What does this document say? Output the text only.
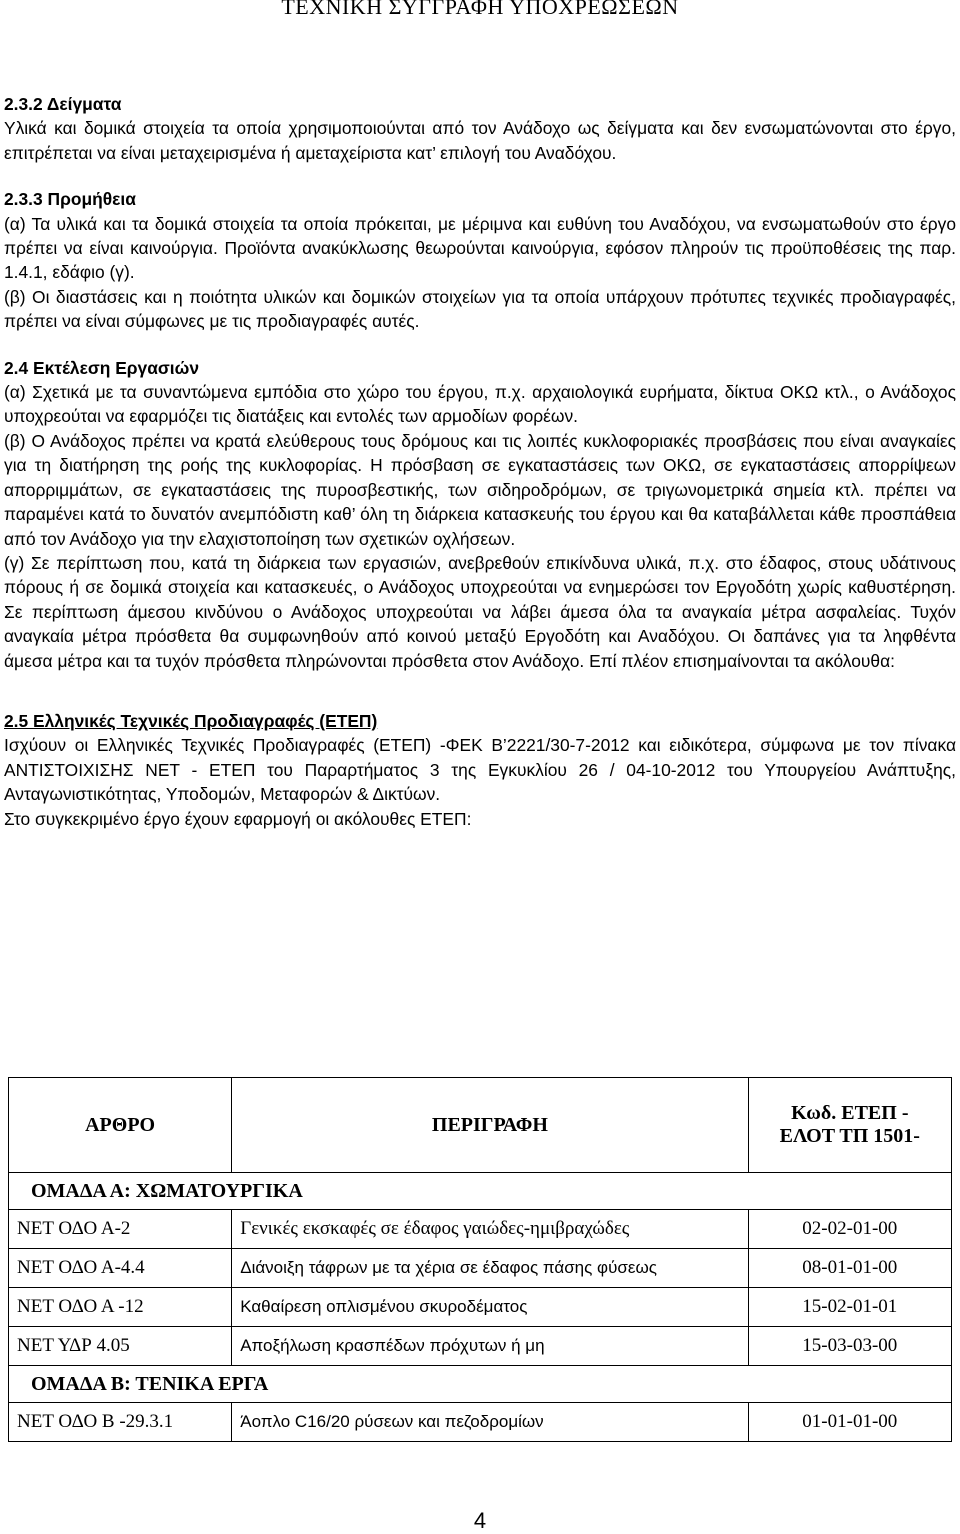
ΤΕΧΝΙΚΗ ΣΥΓΓΡΑΦΗ ΥΠΟΧΡΕΩΣΕΩΝ

2.3.2 Δείγματα

Υλικά και δομικά στοιχεία τα οποία χρησιμοποιούνται από τον Ανάδοχο ως δείγματα και δεν ενσωματώνονται στο έργο, επιτρέπεται να είναι μεταχειρισμένα ή αμεταχείριστα κατ’ επιλογή του Αναδόχου.

2.3.3 Προμήθεια

(α) Τα υλικά και τα δομικά στοιχεία τα οποία πρόκειται, με μέριμνα και ευθύνη του Αναδόχου, να ενσωματωθούν στο έργο πρέπει να είναι καινούργια. Προϊόντα ανακύκλωσης θεωρούνται καινούργια, εφόσον πληρούν τις προϋποθέσεις της παρ. 1.4.1, εδάφιο (γ).

(β) Οι διαστάσεις και η ποιότητα υλικών και δομικών στοιχείων για τα οποία υπάρχουν πρότυπες τεχνικές προδιαγραφές, πρέπει να είναι σύμφωνες με τις προδιαγραφές αυτές.

2.4 Εκτέλεση Εργασιών

(α) Σχετικά με τα συναντώμενα εμπόδια στο χώρο του έργου, π.χ. αρχαιολογικά ευρήματα, δίκτυα ΟΚΩ κτλ., ο Ανάδοχος υποχρεούται να εφαρμόζει τις διατάξεις και εντολές των αρμοδίων φορέων.

(β) Ο Ανάδοχος πρέπει να κρατά ελεύθερους τους δρόμους και τις λοιπές κυκλοφοριακές προσβάσεις που είναι αναγκαίες για τη διατήρηση της ροής της κυκλοφορίας. Η πρόσβαση σε εγκαταστάσεις των ΟΚΩ, σε εγκαταστάσεις απορρίψεων απορριμμάτων, σε εγκαταστάσεις της πυροσβεστικής, των σιδηροδρόμων, σε τριγωνομετρικά σημεία κτλ. πρέπει να παραμένει κατά το δυνατόν ανεμπόδιστη καθ’ όλη τη διάρκεια κατασκευής του έργου και θα καταβάλλεται κάθε προσπάθεια από τον Ανάδοχο για την ελαχιστοποίηση των σχετικών οχλήσεων.

(γ) Σε περίπτωση που, κατά τη διάρκεια των εργασιών, ανεβρεθούν επικίνδυνα υλικά, π.χ. στο έδαφος, στους υδάτινους πόρους ή σε δομικά στοιχεία και κατασκευές, ο Ανάδοχος υποχρεούται να ενημερώσει τον Εργοδότη χωρίς καθυστέρηση. Σε περίπτωση άμεσου κινδύνου ο Ανάδοχος υποχρεούται να λάβει άμεσα όλα τα αναγκαία μέτρα ασφαλείας. Τυχόν αναγκαία μέτρα πρόσθετα θα συμφωνηθούν από κοινού μεταξύ Εργοδότη και Αναδόχου. Οι δαπάνες για τα ληφθέντα άμεσα μέτρα και τα τυχόν πρόσθετα πληρώνονται πρόσθετα στον Ανάδοχο. Επί πλέον επισημαίνονται τα ακόλουθα:

2.5 Ελληνικές Τεχνικές Προδιαγραφές (ΕΤΕΠ)

Ισχύουν οι Ελληνικές Τεχνικές Προδιαγραφές (ΕΤΕΠ) -ΦΕΚ Β’2221/30-7-2012 και ειδικότερα, σύμφωνα με τον πίνακα ΑΝΤΙΣΤΟΙΧΙΣΗΣ ΝΕΤ - ΕΤΕΠ του Παραρτήματος 3 της Εγκυκλίου 26 / 04-10-2012 του Υπουργείου Ανάπτυξης, Ανταγωνιστικότητας, Υποδομών, Μεταφορών & Δικτύων.

Στο συγκεκριμένο έργο έχουν εφαρμογή οι ακόλουθες ΕΤΕΠ:

ΑΡΘΡΟ	ΠΕΡΙΓΡΑΦΗ	Κωδ. ΕΤΕΠ -
ΕΛΟΤ ΤΠ 1501-

ΟΜΑΔΑ Α: ΧΩΜΑΤΟΥΡΓΙΚΑ		
ΝΕΤ ΟΔΟ Α-2	Γενικές εκσκαφές σε έδαφος γαιώδες-ημιβραχώδες	02-02-01-00
ΝΕΤ ΟΔΟ Α-4.4	Διάνοιξη τάφρων με τα χέρια σε έδαφος πάσης φύσεως	08-01-01-00
ΝΕΤ ΟΔΟ Α -12	Καθαίρεση οπλισμένου σκυροδέματος	15-02-01-01
ΝΕΤ ΥΔΡ 4.05	Αποξήλωση κρασπέδων πρόχυτων ή μη	15-03-03-00
ΟΜΑΔΑ Β: ΤΕΝΙΚΑ ΕΡΓΑ		
ΝΕΤ ΟΔΟ Β -29.3.1	Άοπλο C16/20 ρύσεων και πεζοδρομίων	01-01-01-00
4
